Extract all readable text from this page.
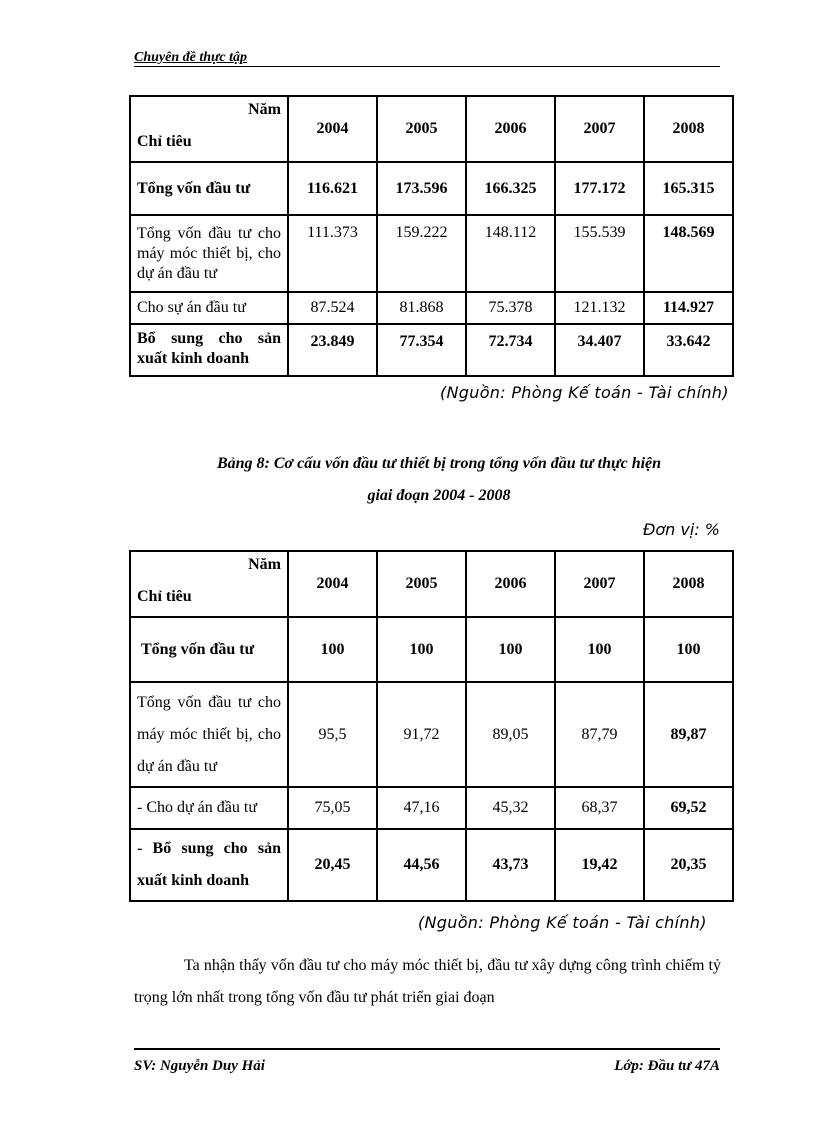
Chuyên đề thực tập
Năm
Chỉ tiêu	2004	2005	2006	2007	2008
Tổng vốn đầu tư	116.621	173.596	166.325	177.172	165.315
Tổng vốn đầu tư cho máy móc thiết bị, cho dự án đầu tư	111.373	159.222	148.112	155.539	148.569
Cho sự án đầu tư	87.524	81.868	75.378	121.132	114.927
Bổ sung cho sản xuất kinh doanh	23.849	77.354	72.734	34.407	33.642
(Nguồn: Phòng Kế toán - Tài chính)
Bảng 8: Cơ cấu vốn đầu tư thiết bị trong tổng vốn đầu tư thực hiện
giai đoạn 2004 - 2008
Đơn vị: %
Năm
Chỉ tiêu	2004	2005	2006	2007	2008
Tổng vốn đầu tư	100	100	100	100	100
Tổng vốn đầu tư cho máy móc thiết bị, cho dự án đầu tư	95,5	91,72	89,05	87,79	89,87
- Cho dự án đầu tư	75,05	47,16	45,32	68,37	69,52
- Bổ sung cho sản xuất kinh doanh	20,45	44,56	43,73	19,42	20,35
(Nguồn: Phòng Kế toán - Tài chính)
Ta nhận thấy vốn đầu tư cho máy móc thiết bị, đầu tư xây dựng công trình chiếm tỷ trọng lớn nhất trong tổng vốn đầu tư phát triển giai đoạn
SV: Nguyễn Duy Hải	Lớp: Đầu tư 47A
